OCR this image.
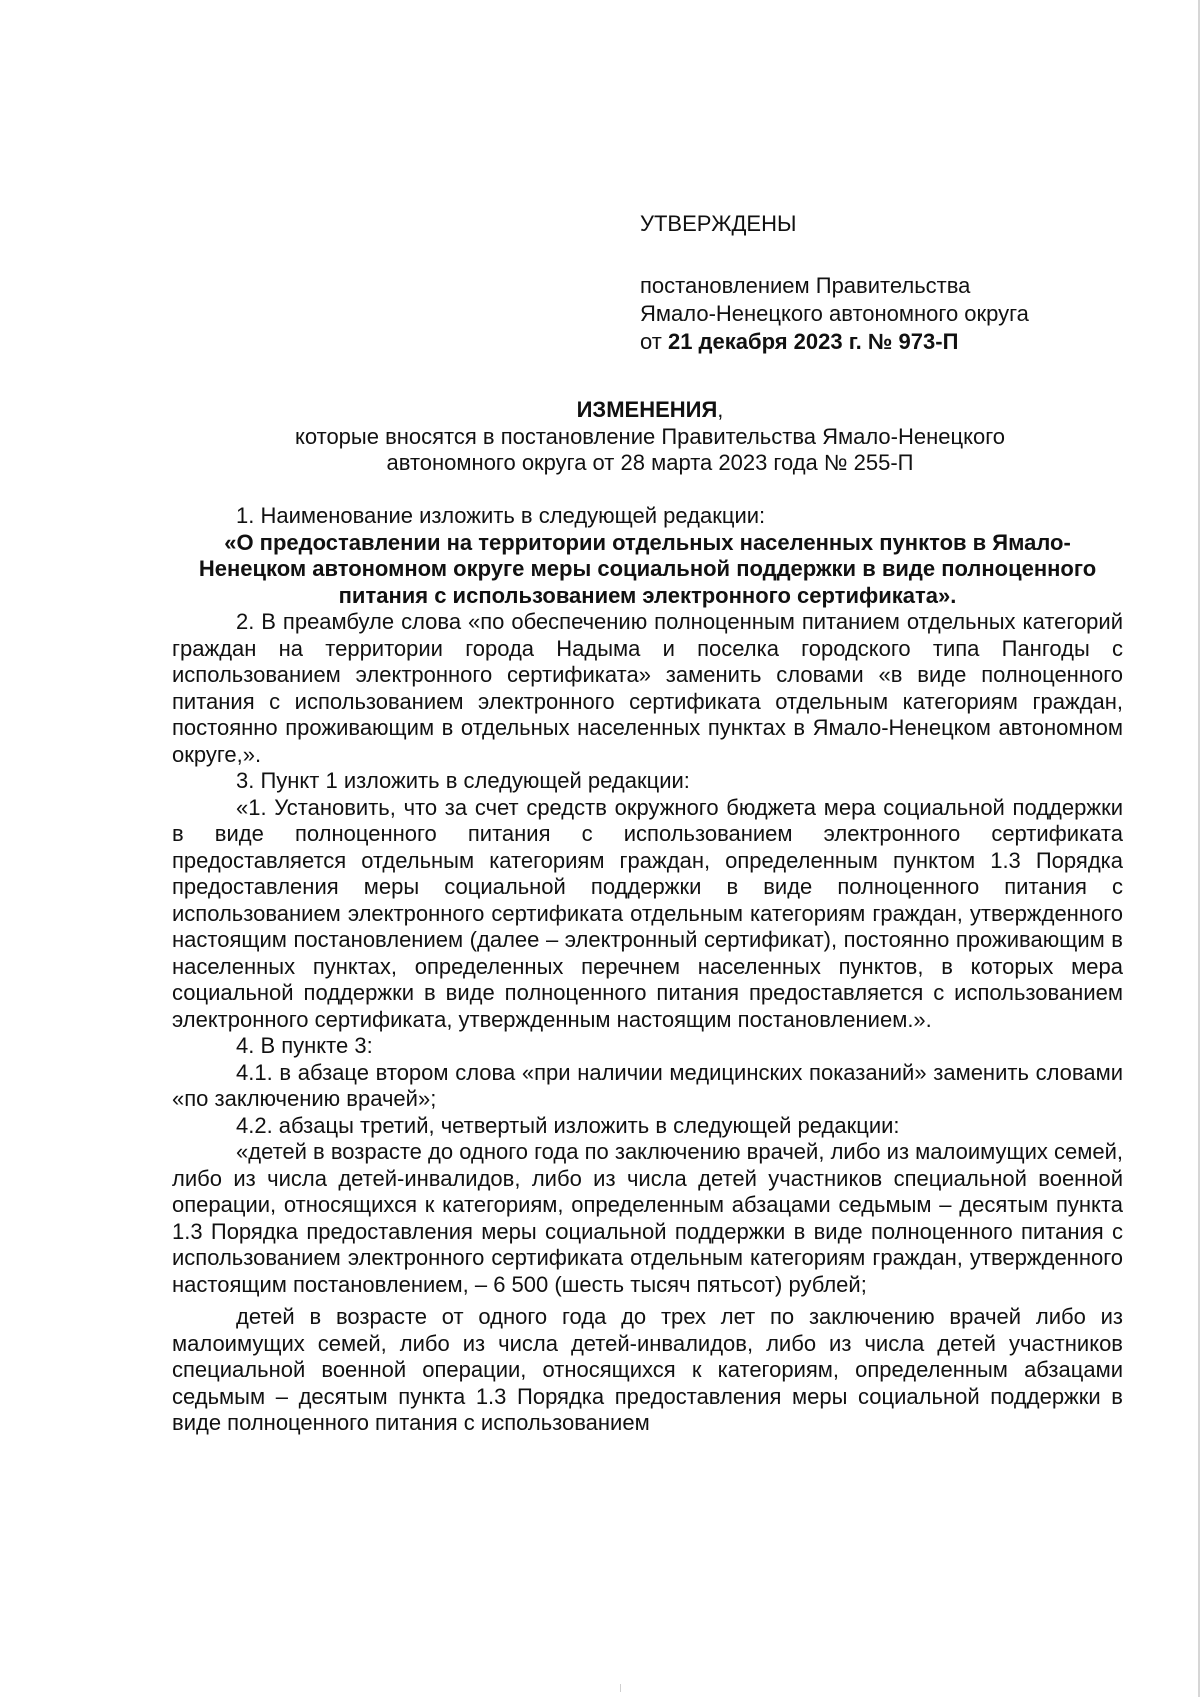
УТВЕРЖДЕНЫ
постановлением Правительства
Ямало-Ненецкого автономного округа
от 21 декабря 2023 г. № 973-П
ИЗМЕНЕНИЯ,
которые вносятся в постановление Правительства Ямало-Ненецкого
автономного округа от 28 марта 2023 года № 255-П

1. Наименование изложить в следующей редакции:

«О предоставлении на территории отдельных населенных пунктов в Ямало-Ненецком автономном округе меры социальной поддержки в виде полноценного питания с использованием электронного сертификата».

2. В преамбуле слова «по обеспечению полноценным питанием отдельных категорий граждан на территории города Надыма и поселка городского типа Пангоды с использованием электронного сертификата» заменить словами «в виде полноценного питания с использованием электронного сертификата отдельным категориям граждан, постоянно проживающим в отдельных населенных пунктах в Ямало-Ненецком автономном округе,».

3. Пункт 1 изложить в следующей редакции:

«1. Установить, что за счет средств окружного бюджета мера социальной поддержки в виде полноценного питания с использованием электронного сертификата предоставляется отдельным категориям граждан, определенным пунктом 1.3 Порядка предоставления меры социальной поддержки в виде полноценного питания с использованием электронного сертификата отдельным категориям граждан, утвержденного настоящим постановлением (далее – электронный сертификат), постоянно проживающим в населенных пунктах, определенных перечнем населенных пунктов, в которых мера социальной поддержки в виде полноценного питания предоставляется с использованием электронного сертификата, утвержденным настоящим постановлением.».

4. В пункте 3:

4.1. в абзаце втором слова «при наличии медицинских показаний» заменить словами «по заключению врачей»;

4.2. абзацы третий, четвертый изложить в следующей редакции:

«детей в возрасте до одного года по заключению врачей, либо из малоимущих семей, либо из числа детей-инвалидов, либо из числа детей участников специальной военной операции, относящихся к категориям, определенным абзацами седьмым – десятым пункта 1.3 Порядка предоставления меры социальной поддержки в виде полноценного питания с использованием электронного сертификата отдельным категориям граждан, утвержденного настоящим постановлением, – 6 500 (шесть тысяч пятьсот) рублей;

детей в возрасте от одного года до трех лет по заключению врачей либо из малоимущих семей, либо из числа детей-инвалидов, либо из числа детей участников специальной военной операции, относящихся к категориям, определенным абзацами седьмым – десятым пункта 1.3 Порядка предоставления меры социальной поддержки в виде полноценного питания с использованием
